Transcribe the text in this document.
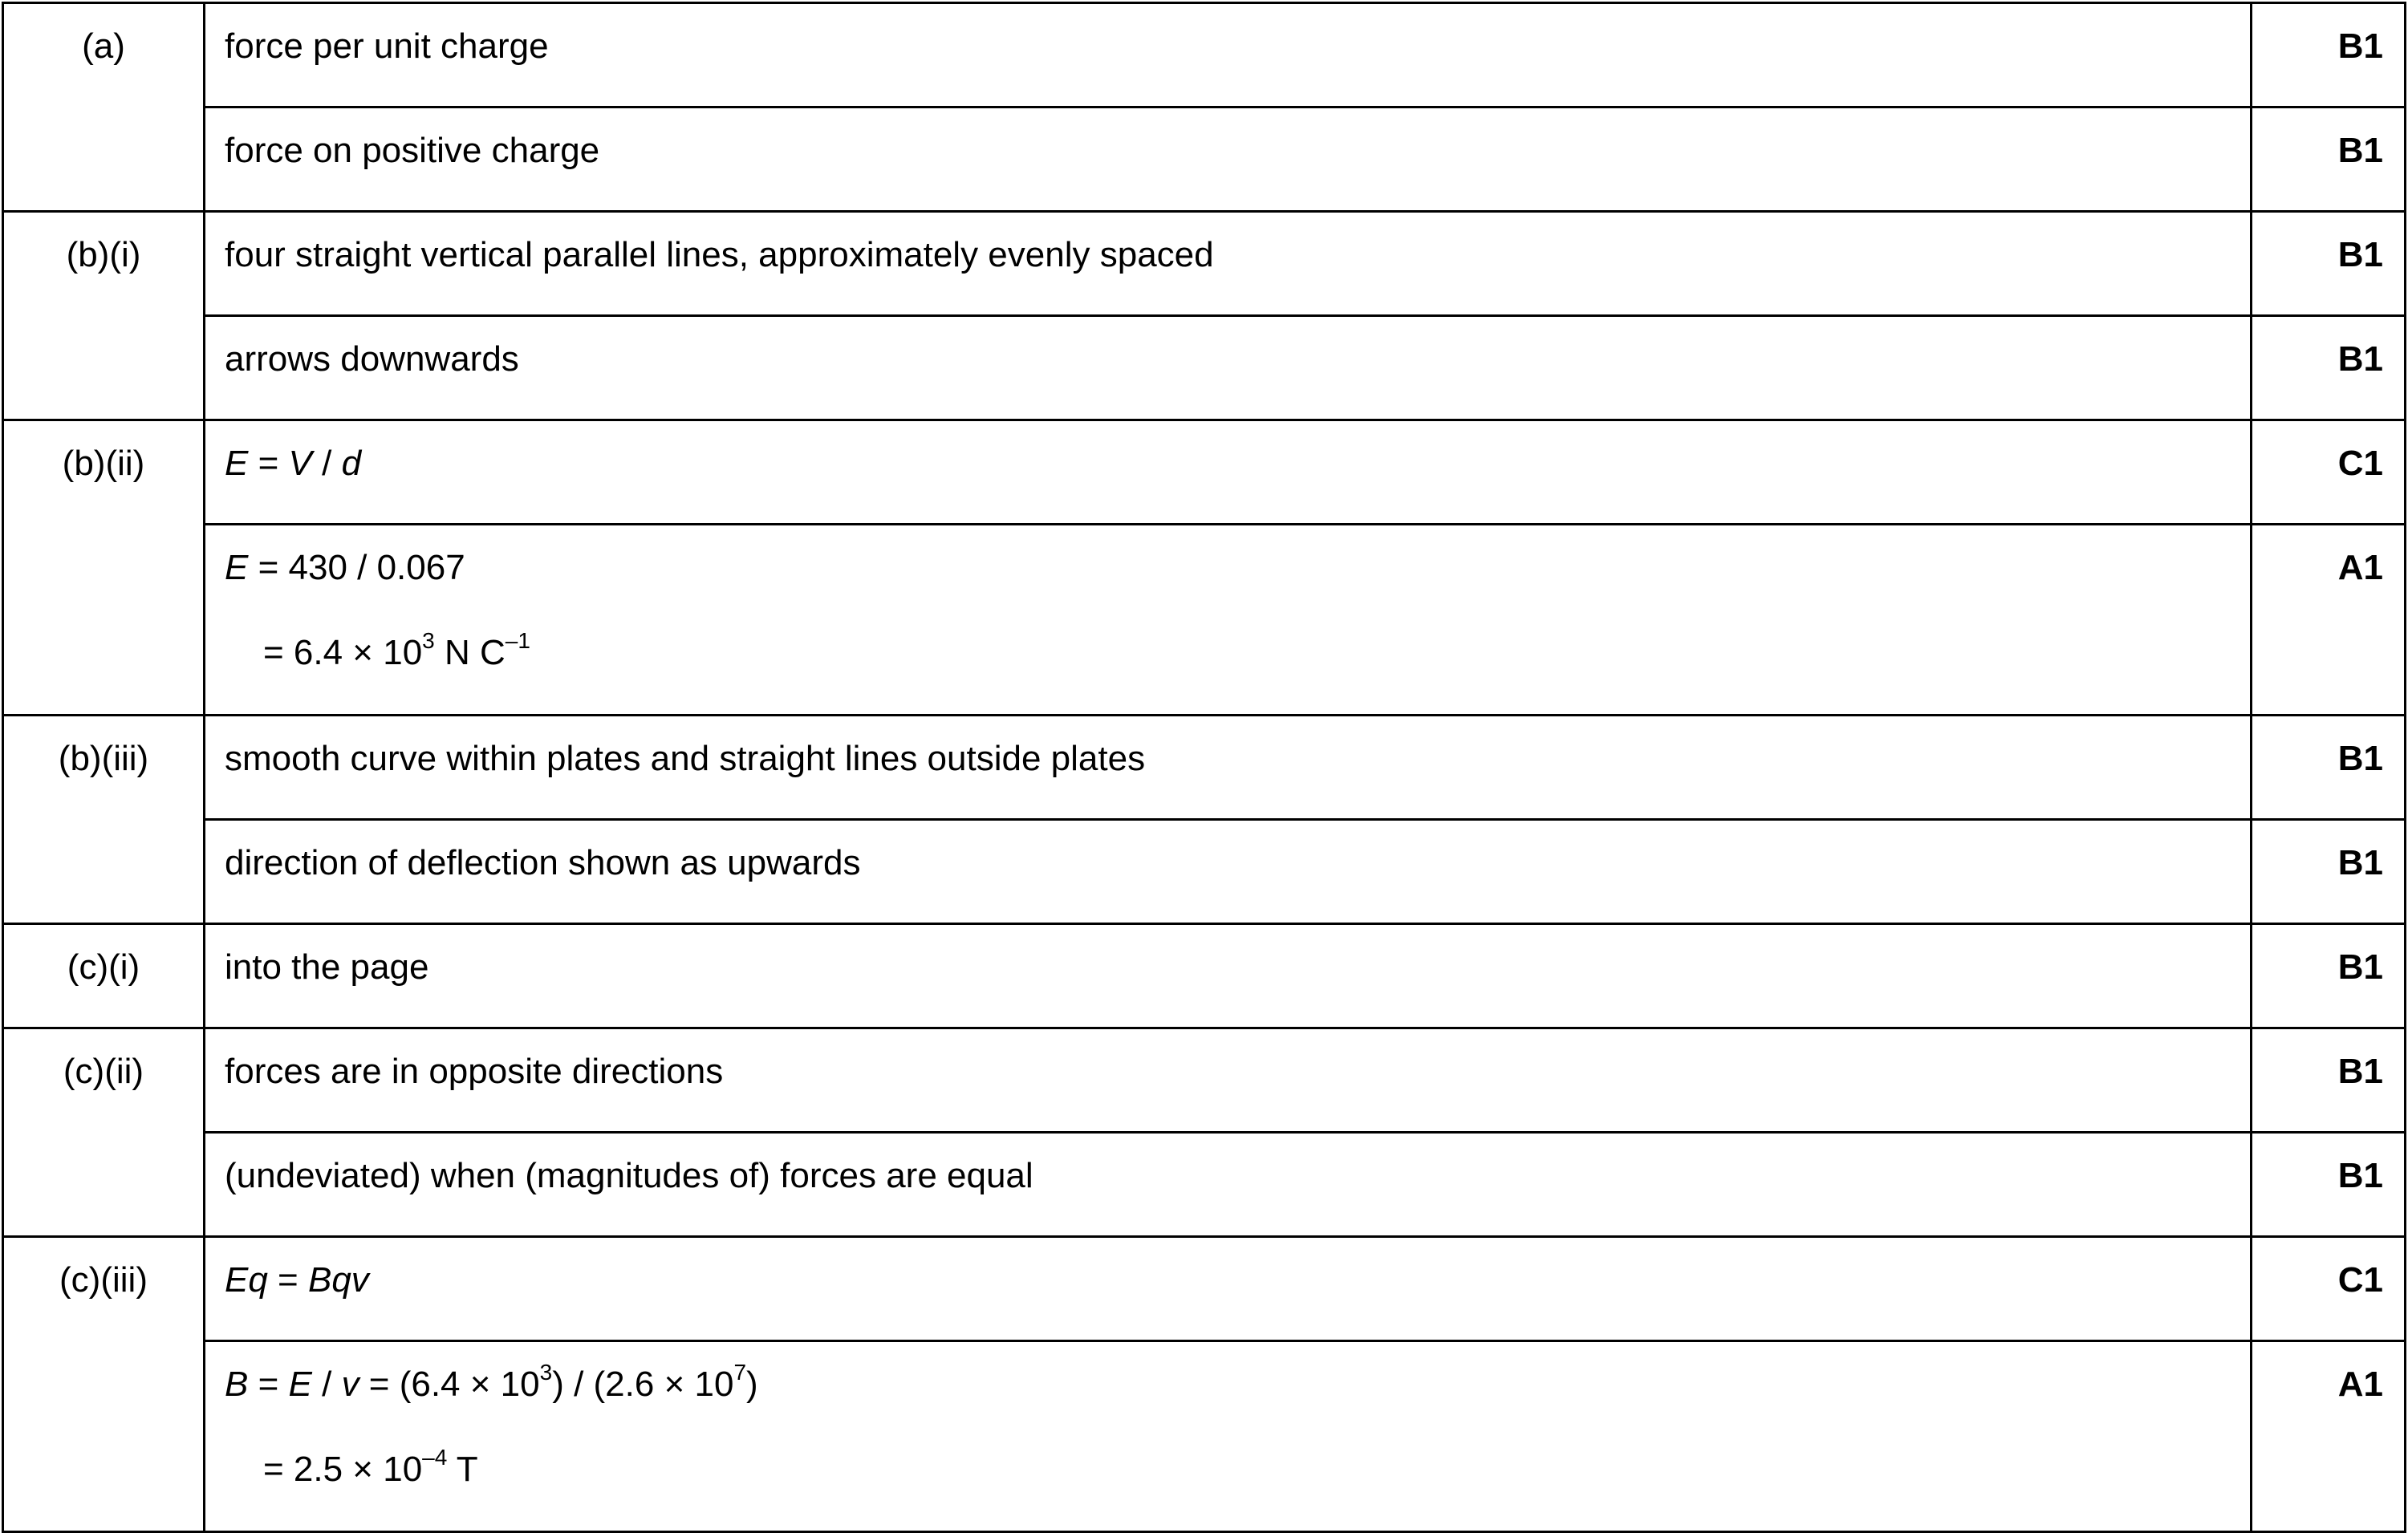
(a)	force per unit charge	B1
	force on positive charge	B1
(b)(i)	four straight vertical parallel lines, approximately evenly spaced	B1
	arrows downwards	B1
(b)(ii)	E = V / d	C1
	E = 430 / 0.067
= $6.4 \times 10^3$ N $C^{-1}$	A1
(b)(iii)	smooth curve within plates and straight lines outside plates	B1
	direction of deflection shown as upwards	B1
(c)(i)	into the page	B1
(c)(ii)	forces are in opposite directions	B1
	(undeviated) when (magnitudes of) forces are equal	B1
(c)(iii)	Eq = Bqv	C1
	$B = E / v = (6.4 \times 10^3) / (2.6 \times 10^7)$
= $2.5 \times 10^{-4}$ T	A1
